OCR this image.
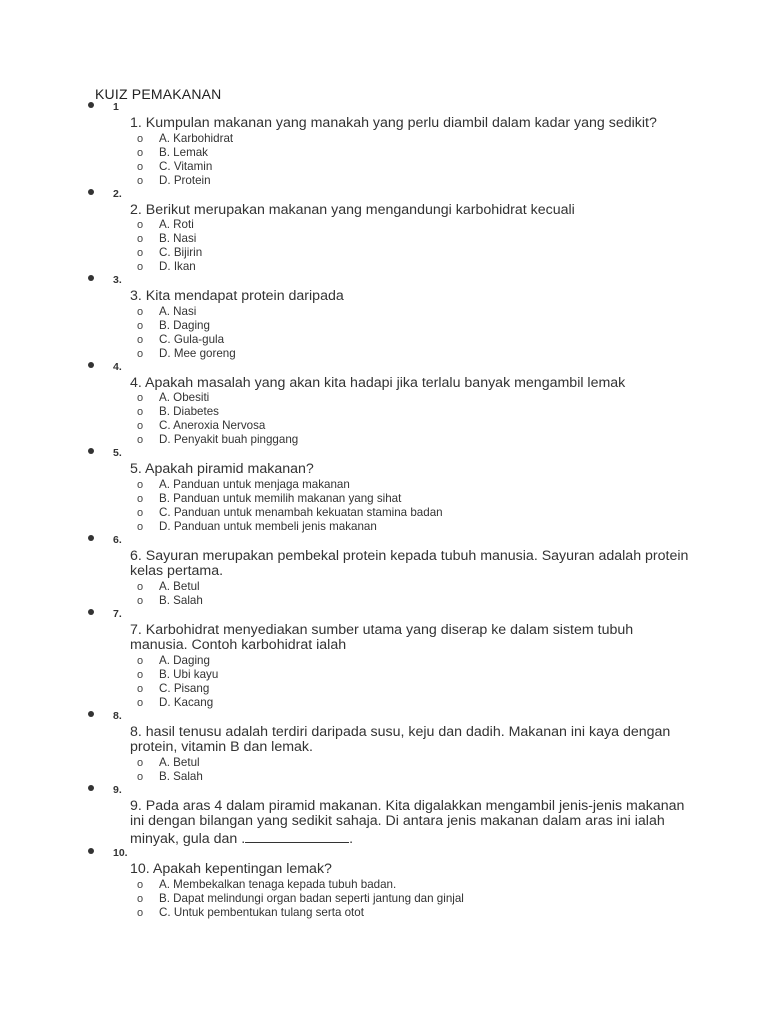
KUIZ PEMAKANAN
1
1. Kumpulan makanan yang manakah yang perlu diambil dalam kadar yang sedikit?
o A. Karbohidrat
o B. Lemak
o C. Vitamin
o D. Protein
2.
2. Berikut merupakan makanan yang mengandungi karbohidrat kecuali
o A. Roti
o B. Nasi
o C. Bijirin
o D. Ikan
3.
3. Kita mendapat protein daripada
o A. Nasi
o B. Daging
o C. Gula-gula
o D. Mee goreng
4.
4. Apakah masalah yang akan kita hadapi jika terlalu banyak mengambil lemak
o A. Obesiti
o B. Diabetes
o C. Aneroxia Nervosa
o D. Penyakit buah pinggang
5.
5. Apakah piramid makanan?
o A. Panduan untuk menjaga makanan
o B. Panduan untuk memilih makanan yang sihat
o C. Panduan untuk menambah kekuatan stamina badan
o D. Panduan untuk membeli jenis makanan
6.
6. Sayuran merupakan pembekal protein kepada tubuh manusia. Sayuran adalah protein kelas pertama.
o A. Betul
o B. Salah
7.
7. Karbohidrat menyediakan sumber utama yang diserap ke dalam sistem tubuh manusia. Contoh karbohidrat ialah
o A. Daging
o B. Ubi kayu
o C. Pisang
o D. Kacang
8.
8. hasil tenusu adalah terdiri daripada susu, keju dan dadih. Makanan ini kaya dengan protein, vitamin B dan lemak.
o A. Betul
o B. Salah
9.
9. Pada aras 4 dalam piramid makanan. Kita digalakkan mengambil jenis-jenis makanan ini dengan bilangan yang sedikit sahaja. Di antara jenis makanan dalam aras ini ialah minyak, gula dan .	.
10.
10. Apakah kepentingan lemak?
o A. Membekalkan tenaga kepada tubuh badan.
o B. Dapat melindungi organ badan seperti jantung dan ginjal
o C. Untuk pembentukan tulang serta otot
